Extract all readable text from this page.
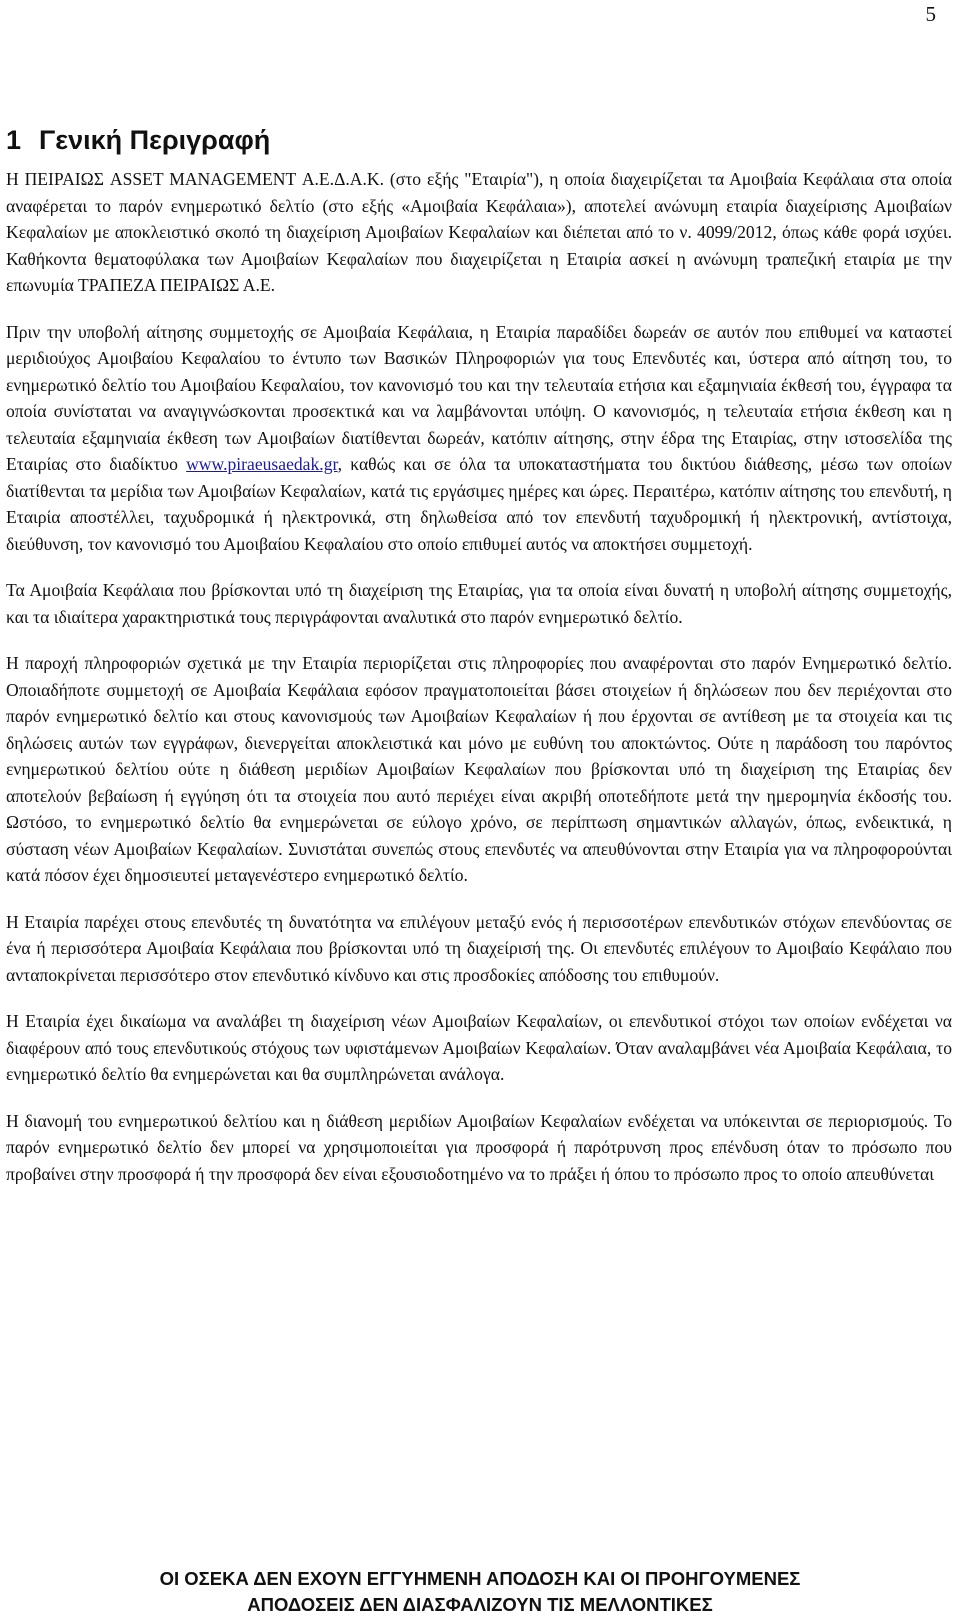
5
1 Γενική Περιγραφή

Η ΠΕΙΡΑΙΩΣ ASSET MANAGEMENT Α.Ε.Δ.Α.Κ. (στο εξής "Εταιρία"), η οποία διαχειρίζεται τα Αμοιβαία Κεφάλαια στα οποία αναφέρεται το παρόν ενημερωτικό δελτίο (στο εξής «Αμοιβαία Κεφάλαια»), αποτελεί ανώνυμη εταιρία διαχείρισης Αμοιβαίων Κεφαλαίων με αποκλειστικό σκοπό τη διαχείριση Αμοιβαίων Κεφαλαίων και διέπεται από το ν. 4099/2012, όπως κάθε φορά ισχύει. Καθήκοντα θεματοφύλακα των Αμοιβαίων Κεφαλαίων που διαχειρίζεται η Εταιρία ασκεί η ανώνυμη τραπεζική εταιρία με την επωνυμία ΤΡΑΠΕΖΑ ΠΕΙΡΑΙΩΣ Α.Ε.

Πριν την υποβολή αίτησης συμμετοχής σε Αμοιβαία Κεφάλαια, η Εταιρία παραδίδει δωρεάν σε αυτόν που επιθυμεί να καταστεί μεριδιούχος Αμοιβαίου Κεφαλαίου το έντυπο των Βασικών Πληροφοριών για τους Επενδυτές και, ύστερα από αίτηση του, το ενημερωτικό δελτίο του Αμοιβαίου Κεφαλαίου, τον κανονισμό του και την τελευταία ετήσια και εξαμηνιαία έκθεσή του, έγγραφα τα οποία συνίσταται να αναγιγνώσκονται προσεκτικά και να λαμβάνονται υπόψη. Ο κανονισμός, η τελευταία ετήσια έκθεση και η τελευταία εξαμηνιαία έκθεση των Αμοιβαίων διατίθενται δωρεάν, κατόπιν αίτησης, στην έδρα της Εταιρίας, στην ιστοσελίδα της Εταιρίας στο διαδίκτυο www.piraeusaedak.gr, καθώς και σε όλα τα υποκαταστήματα του δικτύου διάθεσης, μέσω των οποίων διατίθενται τα μερίδια των Αμοιβαίων Κεφαλαίων, κατά τις εργάσιμες ημέρες και ώρες. Περαιτέρω, κατόπιν αίτησης του επενδυτή, η Εταιρία αποστέλλει, ταχυδρομικά ή ηλεκτρονικά, στη δηλωθείσα από τον επενδυτή ταχυδρομική ή ηλεκτρονική, αντίστοιχα, διεύθυνση, τον κανονισμό του Αμοιβαίου Κεφαλαίου στο οποίο επιθυμεί αυτός να αποκτήσει συμμετοχή.

Τα Αμοιβαία Κεφάλαια που βρίσκονται υπό τη διαχείριση της Εταιρίας, για τα οποία είναι δυνατή η υποβολή αίτησης συμμετοχής, και τα ιδιαίτερα χαρακτηριστικά τους περιγράφονται αναλυτικά στο παρόν ενημερωτικό δελτίο.

Η παροχή πληροφοριών σχετικά με την Εταιρία περιορίζεται στις πληροφορίες που αναφέρονται στο παρόν Ενημερωτικό δελτίο. Οποιαδήποτε συμμετοχή σε Αμοιβαία Κεφάλαια εφόσον πραγματοποιείται βάσει στοιχείων ή δηλώσεων που δεν περιέχονται στο παρόν ενημερωτικό δελτίο και στους κανονισμούς των Αμοιβαίων Κεφαλαίων ή που έρχονται σε αντίθεση με τα στοιχεία και τις δηλώσεις αυτών των εγγράφων, διενεργείται αποκλειστικά και μόνο με ευθύνη του αποκτώντος. Ούτε η παράδοση του παρόντος ενημερωτικού δελτίου ούτε η διάθεση μεριδίων Αμοιβαίων Κεφαλαίων που βρίσκονται υπό τη διαχείριση της Εταιρίας δεν αποτελούν βεβαίωση ή εγγύηση ότι τα στοιχεία που αυτό περιέχει είναι ακριβή οποτεδήποτε μετά την ημερομηνία έκδοσής του. Ωστόσο, το ενημερωτικό δελτίο θα ενημερώνεται σε εύλογο χρόνο, σε περίπτωση σημαντικών αλλαγών, όπως, ενδεικτικά, η σύσταση νέων Αμοιβαίων Κεφαλαίων. Συνιστάται συνεπώς στους επενδυτές να απευθύνονται στην Εταιρία για να πληροφορούνται κατά πόσον έχει δημοσιευτεί μεταγενέστερο ενημερωτικό δελτίο.

Η Εταιρία παρέχει στους επενδυτές τη δυνατότητα να επιλέγουν μεταξύ ενός ή περισσοτέρων επενδυτικών στόχων επενδύοντας σε ένα ή περισσότερα Αμοιβαία Κεφάλαια που βρίσκονται υπό τη διαχείρισή της. Οι επενδυτές επιλέγουν το Αμοιβαίο Κεφάλαιο που ανταποκρίνεται περισσότερο στον επενδυτικό κίνδυνο και στις προσδοκίες απόδοσης του επιθυμούν.

Η Εταιρία έχει δικαίωμα να αναλάβει τη διαχείριση νέων Αμοιβαίων Κεφαλαίων, οι επενδυτικοί στόχοι των οποίων ενδέχεται να διαφέρουν από τους επενδυτικούς στόχους των υφιστάμενων Αμοιβαίων Κεφαλαίων. Όταν αναλαμβάνει νέα Αμοιβαία Κεφάλαια, το ενημερωτικό δελτίο θα ενημερώνεται και θα συμπληρώνεται ανάλογα.

Η διανομή του ενημερωτικού δελτίου και η διάθεση μεριδίων Αμοιβαίων Κεφαλαίων ενδέχεται να υπόκεινται σε περιορισμούς. Το παρόν ενημερωτικό δελτίο δεν μπορεί να χρησιμοποιείται για προσφορά ή παρότρυνση προς επένδυση όταν το πρόσωπο που προβαίνει στην προσφορά ή την προσφορά δεν είναι εξουσιοδοτημένο να το πράξει ή όπου το πρόσωπο προς το οποίο απευθύνεται

ΟΙ ΟΣΕΚΑ ΔΕΝ ΕΧΟΥΝ ΕΓΓΥΗΜΕΝΗ ΑΠΟΔΟΣΗ ΚΑΙ ΟΙ ΠΡΟΗΓΟΥΜΕΝΕΣ
ΑΠΟΔΟΣΕΙΣ ΔΕΝ ΔΙΑΣΦΑΛΙΖΟΥΝ ΤΙΣ ΜΕΛΛΟΝΤΙΚΕΣ
